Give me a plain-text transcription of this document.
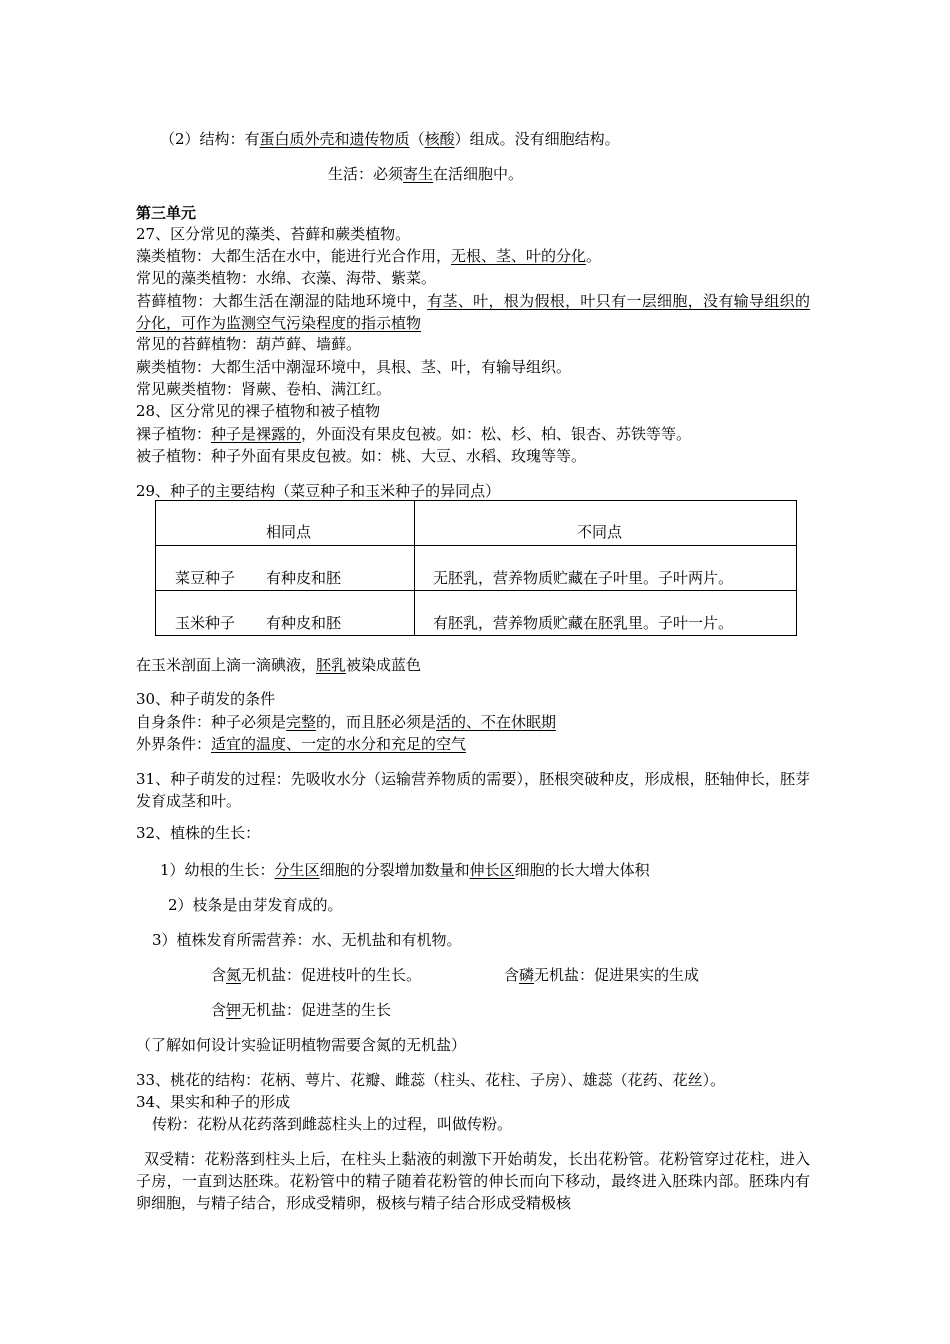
（2）结构：有蛋白质外壳和遗传物质（核酸）组成。没有细胞结构。
生活：必须寄生在活细胞中。
第三单元
27、区分常见的藻类、苔藓和蕨类植物。
藻类植物：大都生活在水中，能进行光合作用，无根、茎、叶的分化。
常见的藻类植物：水绵、衣藻、海带、紫菜。
苔藓植物：大都生活在潮湿的陆地环境中，有茎、叶，根为假根，叶只有一层细胞，没有输导组织的分化，可作为监测空气污染程度的指示植物
常见的苔藓植物：葫芦藓、墙藓。
蕨类植物：大都生活中潮湿环境中，具根、茎、叶，有输导组织。
常见蕨类植物：肾蕨、卷柏、满江红。
28、区分常见的裸子植物和被子植物
裸子植物：种子是裸露的，外面没有果皮包被。如：松、杉、柏、银杏、苏铁等等。
被子植物：种子外面有果皮包被。如：桃、大豆、水稻、玫瑰等等。
29、种子的主要结构（菜豆种子和玉米种子的异同点）

相同点	不同点
菜豆种子 有种皮和胚	无胚乳，营养物质贮藏在子叶里。子叶两片。
玉米种子 有种皮和胚	有胚乳，营养物质贮藏在胚乳里。子叶一片。
在玉米剖面上滴一滴碘液，胚乳被染成蓝色
30、种子萌发的条件
自身条件：种子必须是完整的，而且胚必须是活的、不在休眠期
外界条件：适宜的温度、一定的水分和充足的空气
31、种子萌发的过程：先吸收水分（运输营养物质的需要），胚根突破种皮，形成根，胚轴伸长，胚芽发育成茎和叶。
32、植株的生长：
1）幼根的生长：分生区细胞的分裂增加数量和伸长区细胞的长大增大体积
2）枝条是由芽发育成的。
3）植株发育所需营养：水、无机盐和有机物。
含氮无机盐：促进枝叶的生长。	含磷无机盐：促进果实的生成
含钾无机盐：促进茎的生长
（了解如何设计实验证明植物需要含氮的无机盐）
33、桃花的结构：花柄、萼片、花瓣、雌蕊（柱头、花柱、子房）、雄蕊（花药、花丝）。
34、果实和种子的形成
传粉：花粉从花药落到雌蕊柱头上的过程，叫做传粉。
双受精：花粉落到柱头上后，在柱头上黏液的刺激下开始萌发，长出花粉管。花粉管穿过花柱，进入子房，一直到达胚珠。花粉管中的精子随着花粉管的伸长而向下移动，最终进入胚珠内部。胚珠内有卵细胞，与精子结合，形成受精卵，极核与精子结合形成受精极核
